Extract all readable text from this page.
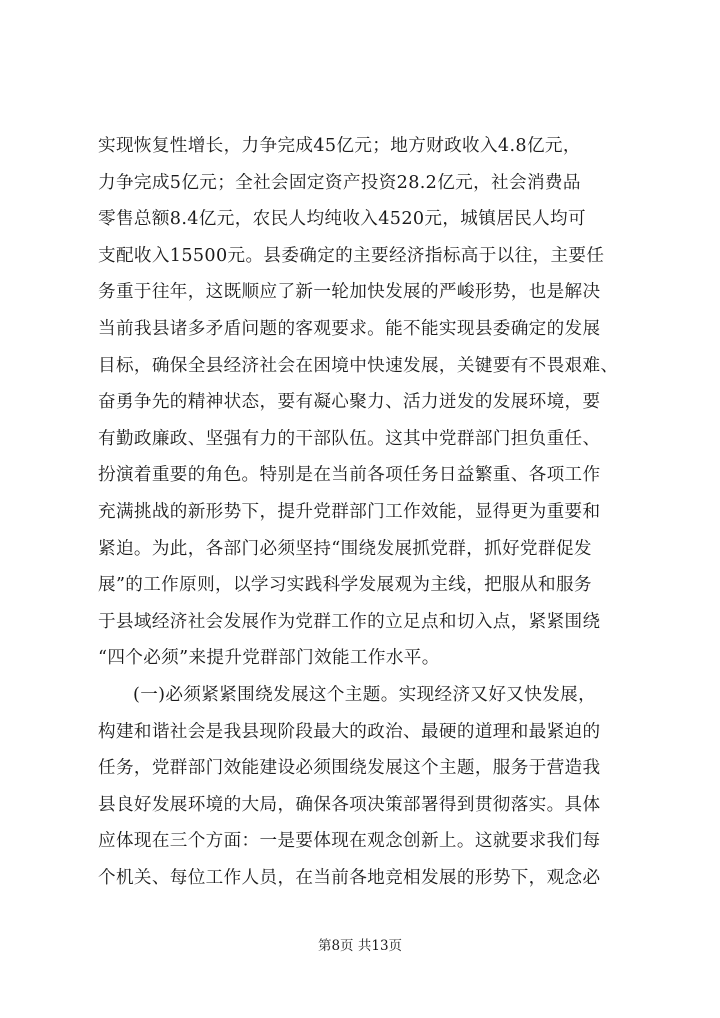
实现恢复性增长，力争完成45亿元；地方财政收入4.8亿元，
力争完成5亿元；全社会固定资产投资28.2亿元，社会消费品
零售总额8.4亿元，农民人均纯收入4520元，城镇居民人均可
支配收入15500元。县委确定的主要经济指标高于以往，主要任
务重于往年，这既顺应了新一轮加快发展的严峻形势，也是解决
当前我县诸多矛盾问题的客观要求。能不能实现县委确定的发展
目标，确保全县经济社会在困境中快速发展，关键要有不畏艰难、
奋勇争先的精神状态，要有凝心聚力、活力迸发的发展环境，要
有勤政廉政、坚强有力的干部队伍。这其中党群部门担负重任、
扮演着重要的角色。特别是在当前各项任务日益繁重、各项工作
充满挑战的新形势下，提升党群部门工作效能，显得更为重要和
紧迫。为此，各部门必须坚持“围绕发展抓党群，抓好党群促发
展”的工作原则，以学习实践科学发展观为主线，把服从和服务
于县域经济社会发展作为党群工作的立足点和切入点，紧紧围绕
“四个必须”来提升党群部门效能工作水平。
(一)必须紧紧围绕发展这个主题。实现经济又好又快发展，
构建和谐社会是我县现阶段最大的政治、最硬的道理和最紧迫的
任务，党群部门效能建设必须围绕发展这个主题，服务于营造我
县良好发展环境的大局，确保各项决策部署得到贯彻落实。具体
应体现在三个方面：一是要体现在观念创新上。这就要求我们每
个机关、每位工作人员，在当前各地竞相发展的形势下，观念必
第8页 共13页
